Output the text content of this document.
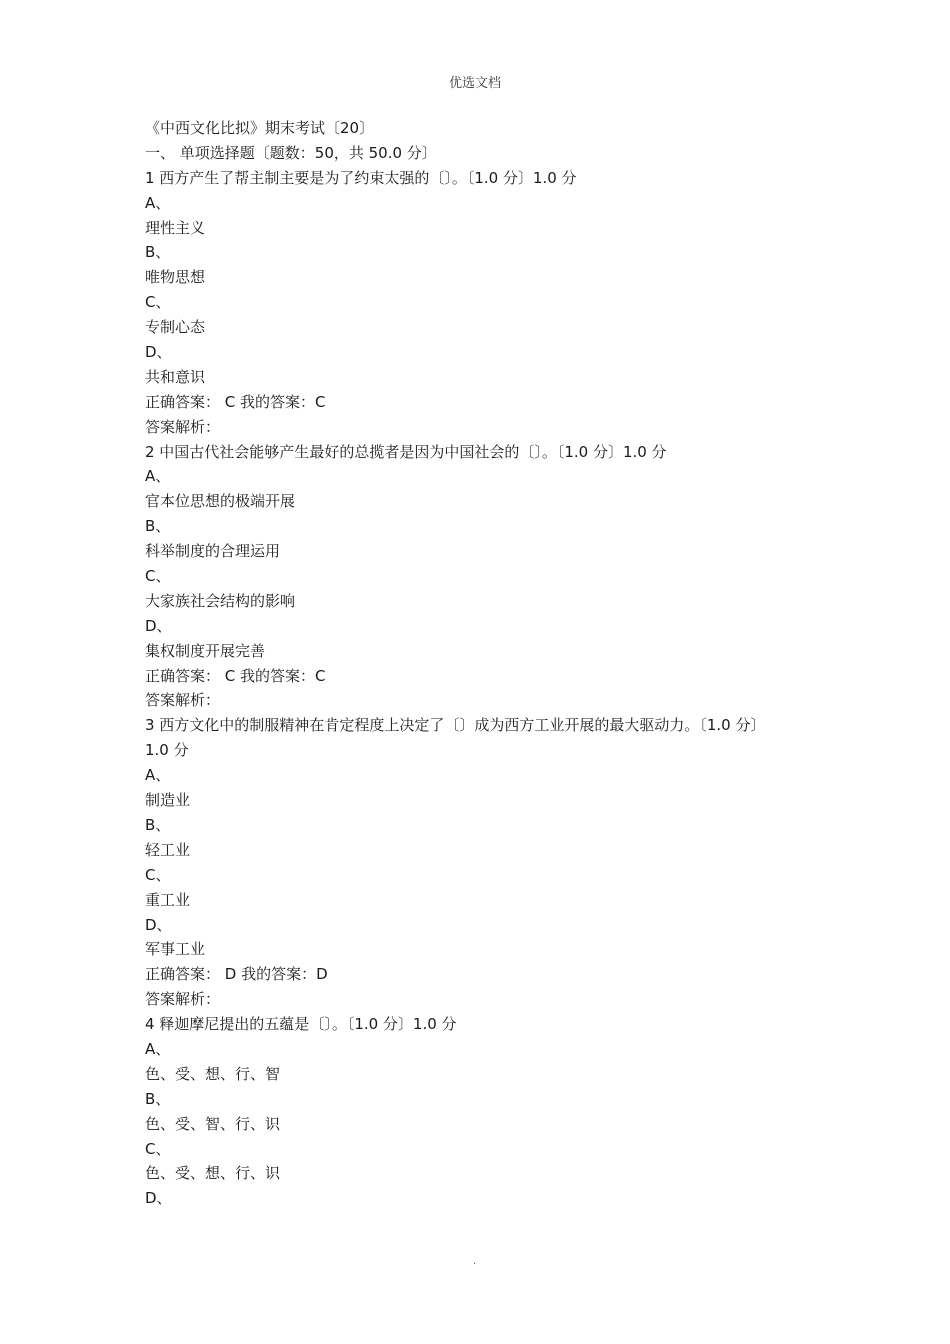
优选文档
《中西文化比拟》期末考试〔20〕
一、 单项选择题〔题数：50，共 50.0 分〕
1 西方产生了帮主制主要是为了约束太强的〔〕。〔1.0 分〕1.0 分
A、
理性主义
B、
唯物思想
C、
专制心态
D、
共和意识
正确答案： C 我的答案：C
答案解析：
2 中国古代社会能够产生最好的总揽者是因为中国社会的〔〕。〔1.0 分〕1.0 分
A、
官本位思想的极端开展
B、
科举制度的合理运用
C、
大家族社会结构的影响
D、
集权制度开展完善
正确答案： C 我的答案：C
答案解析：
3 西方文化中的制服精神在肯定程度上决定了〔〕成为西方工业开展的最大驱动力。〔1.0 分〕
1.0 分
A、
制造业
B、
轻工业
C、
重工业
D、
军事工业
正确答案： D 我的答案：D
答案解析：
4 释迦摩尼提出的五蕴是〔〕。〔1.0 分〕1.0 分
A、
色、受、想、行、智
B、
色、受、智、行、识
C、
色、受、想、行、识
D、
.
